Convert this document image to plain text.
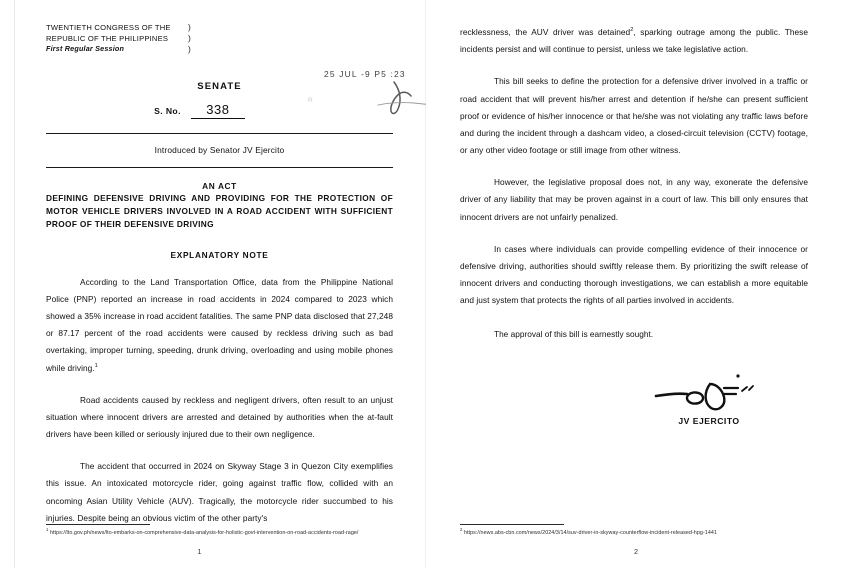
TWENTIETH CONGRESS OF THE
REPUBLIC OF THE PHILIPPINES
First Regular Session
)
)
)
25 JUL -9 P5 :23
R
SENATE
S. No.	338
Introduced by Senator JV Ejercito
AN ACT
DEFINING DEFENSIVE DRIVING AND PROVIDING FOR THE PROTECTION OF MOTOR VEHICLE DRIVERS INVOLVED IN A ROAD ACCIDENT WITH SUFFICIENT PROOF OF THEIR DEFENSIVE DRIVING
EXPLANATORY NOTE

According to the Land Transportation Office, data from the Philippine National Police (PNP) reported an increase in road accidents in 2024 compared to 2023 which showed a 35% increase in road accident fatalities. The same PNP data disclosed that 27,248 or 87.17 percent of the road accidents were caused by reckless driving such as bad overtaking, improper turning, speeding, drunk driving, overloading and using mobile phones while driving.$^1$

Road accidents caused by reckless and negligent drivers, often result to an unjust situation where innocent drivers are arrested and detained by authorities when the at-fault drivers have been killed or seriously injured due to their own negligence.

The accident that occurred in 2024 on Skyway Stage 3 in Quezon City exemplifies this issue. An intoxicated motorcycle rider, going against traffic flow, collided with an oncoming Asian Utility Vehicle (AUV). Tragically, the motorcycle rider succumbed to his injuries. Despite being an obvious victim of the other party's

$^1$ https://lto.gov.ph/news/lto-embarks-on-comprehensive-data-analysis-for-holistic-govt-intervention-on-road-accidents-road-rage/
1

recklessness, the AUV driver was detained$^2$, sparking outrage among the public. These incidents persist and will continue to persist, unless we take legislative action.

This bill seeks to define the protection for a defensive driver involved in a traffic or road accident that will prevent his/her arrest and detention if he/she can present sufficient proof or evidence of his/her innocence or that he/she was not violating any traffic laws before and during the incident through a dashcam video, a closed-circuit television (CCTV) footage, or any other video footage or still image from other witness.

However, the legislative proposal does not, in any way, exonerate the defensive driver of any liability that may be proven against in a court of law. This bill only ensures that innocent drivers are not unfairly penalized.

In cases where individuals can provide compelling evidence of their innocence or defensive driving, authorities should swiftly release them. By prioritizing the swift release of innocent drivers and conducting thorough investigations, we can establish a more equitable and just system that protects the rights of all parties involved in accidents.

The approval of this bill is earnestly sought.

JV EJERCITO
$^2$ https://news.abs-cbn.com/news/2024/3/14/suv-driver-in-skyway-counterflow-incident-released-hpg-1441
2
